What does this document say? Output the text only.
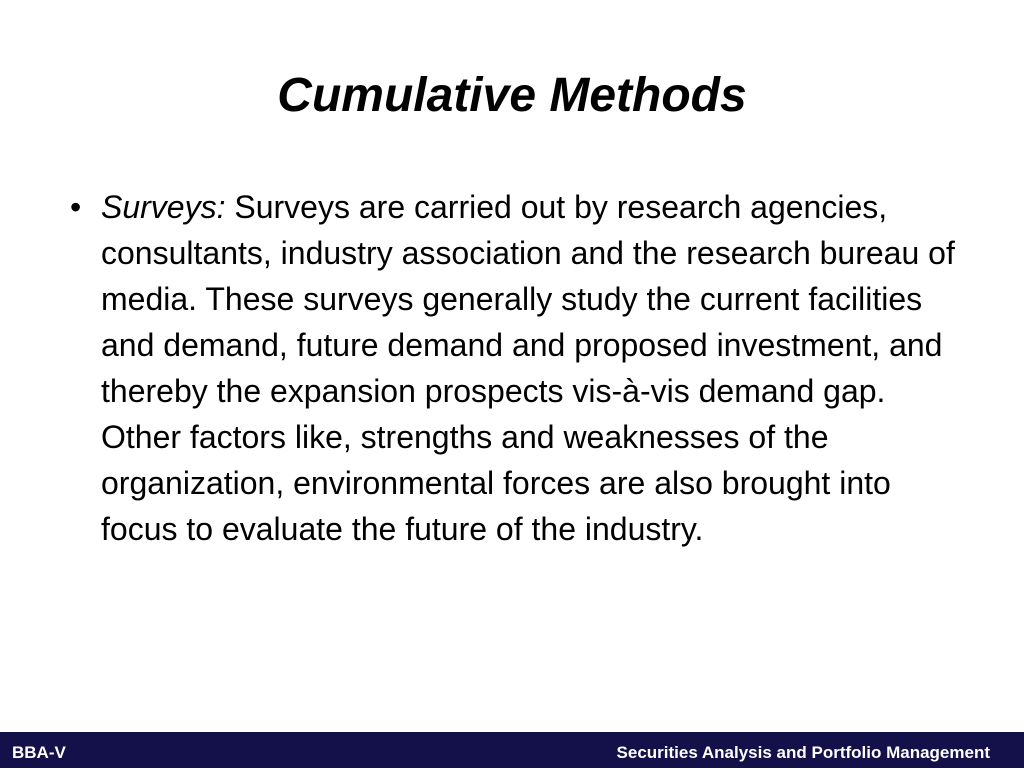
Cumulative Methods
• Surveys: Surveys are carried out by research agencies, consultants, industry association and the research bureau of media. These surveys generally study the current facilities and demand, future demand and proposed investment, and thereby the expansion prospects vis-à-vis demand gap. Other factors like, strengths and weaknesses of the organization, environmental forces are also brought into focus to evaluate the future of the industry.
BBA-V	Securities Analysis and Portfolio Management
